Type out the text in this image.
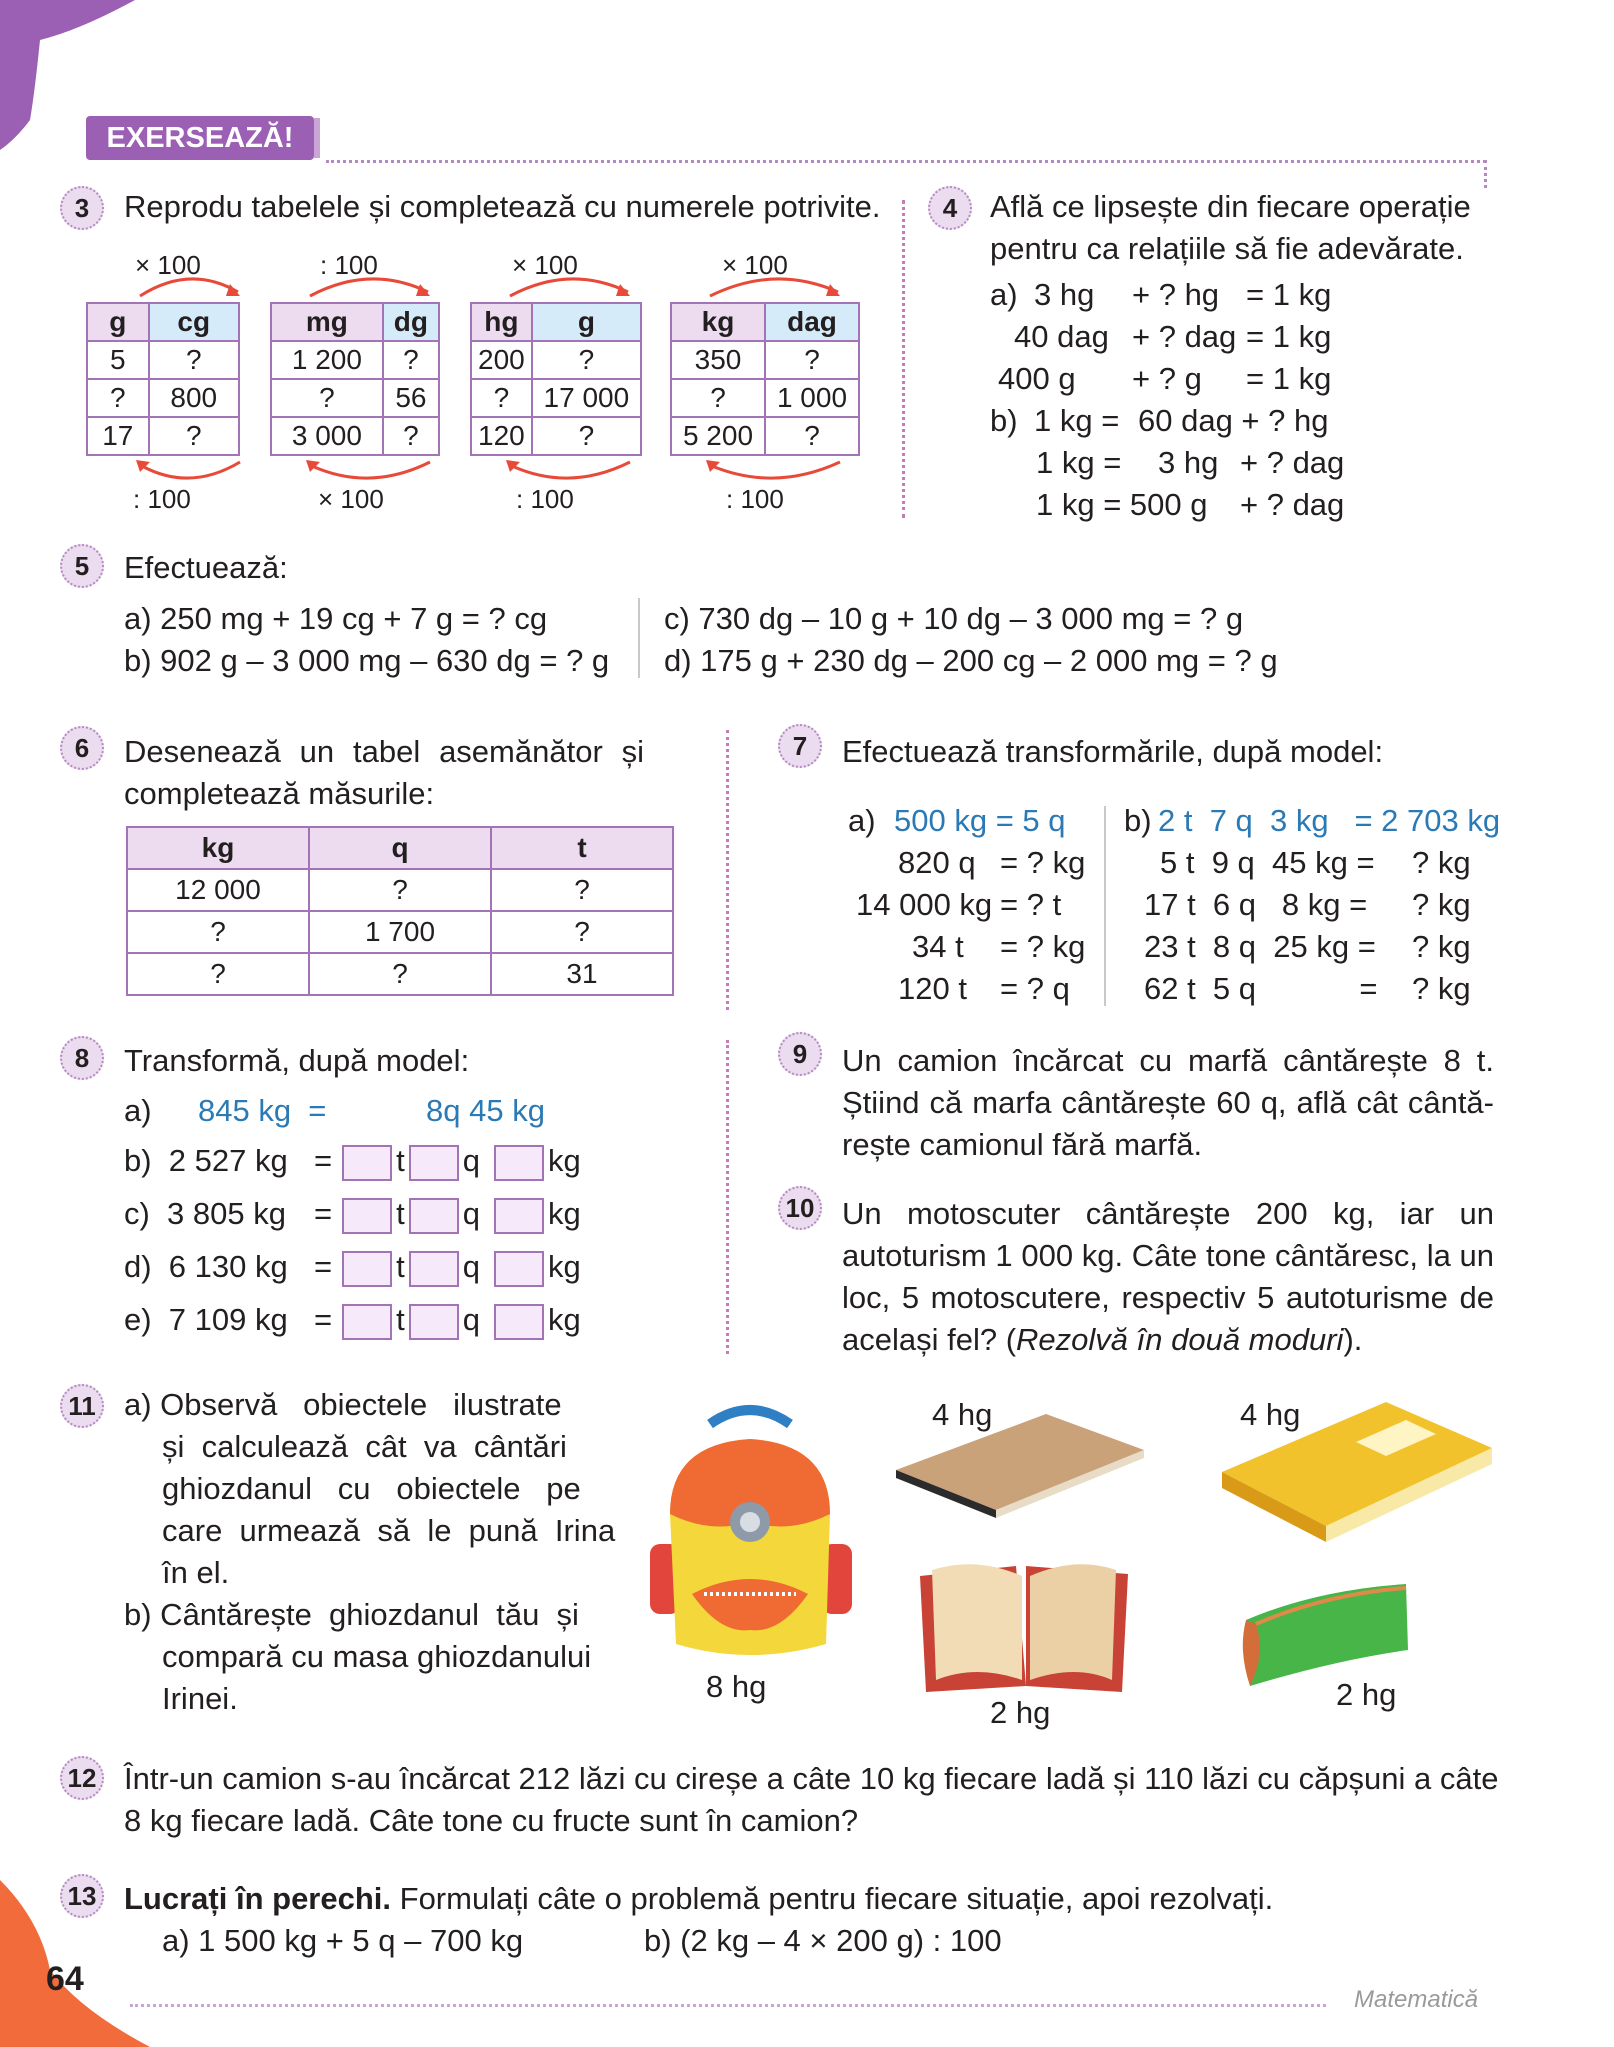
EXERSEAZĂ!
3	Reprodu tabelele și completează cu numerele potrivite.
× 100
: 100
g	cg
5	?
?	800
17	?
: 100
× 100
mg	dg
1 200	?
?	56
3 000	?
× 100
: 100
hg	g
200	?
?	17 000
120	?
× 100
: 100
kg	dag
350	?
?	1 000
5 200	?
4	Află ce lipsește din fiecare operație
pentru ca relațiile să fie adevărate.
a) 3 hg + ? hg = 1 kg
40 dag + ? dag = 1 kg
400 g + ? g = 1 kg
b) 1 kg = 60 dag + ? hg
1 kg = 3 hg + ? dag
1 kg = 500 g + ? dag
5	Efectuează:
a) 250 mg + 19 cg + 7 g = ? cg
b) 902 g – 3 000 mg – 630 dg = ? g
c) 730 dg – 10 g + 10 dg – 3 000 mg = ? g
d) 175 g + 230 dg – 200 cg – 2 000 mg = ? g
6	Desenează un tabel asemănător și
completează măsurile:
kg	q	t
12 000	?	?
?	1 700	?
?	?	31
7	Efectuează transformările, după model:
a) 500 kg = 5 q
820 q = ? kg
14 000 kg = ? t
34 t = ? kg
120 t = ? q
b) 2 t  7 q  3 kg   = 2 703 kg
5 t  9 q  45 kg = ? kg
17 t  6 q   8 kg = ? kg
23 t  8 q  25 kg = ? kg
62 t  5 q            = ? kg
8	Transformă, după model:
a) 845 kg  =	8q 45 kg
b)  2 527 kg = t q kg
c)  3 805 kg = t q kg
d)  6 130 kg = t q kg
e)  7 109 kg = t q kg
9	Un camion încărcat cu marfă cântărește 8 t.
Știind că marfa cântărește 60 q, află cât cântă-
rește camionul fără marfă.
10 Un motoscuter cântărește 200 kg, iar un
autoturism 1 000 kg. Câte tone cântăresc, la un
loc, 5 motoscutere, respectiv 5 autoturisme de
același fel? (Rezolvă în două moduri).
11 a) Observă   obiectele   ilustrate
și  calculează  cât  va  cântări
ghiozdanul   cu   obiectele   pe
care  urmează  să  le  pună  Irina
în el.
b) Cântărește  ghiozdanul  tău  și
compară cu masa ghiozdanului
Irinei.	8 hg
4 hg	4 hg
2 hg
2 hg
12 Într-un camion s-au încărcat 212 lăzi cu cireșe a câte 10 kg fiecare ladă și 110 lăzi cu căpșuni a câte
8 kg fiecare ladă. Câte tone cu fructe sunt în camion?
13 Lucrați în perechi. Formulați câte o problemă pentru fiecare situație, apoi rezolvați.
a) 1 500 kg + 5 q – 700 kg	b) (2 kg – 4 × 200 g) : 100
64
Matematică
